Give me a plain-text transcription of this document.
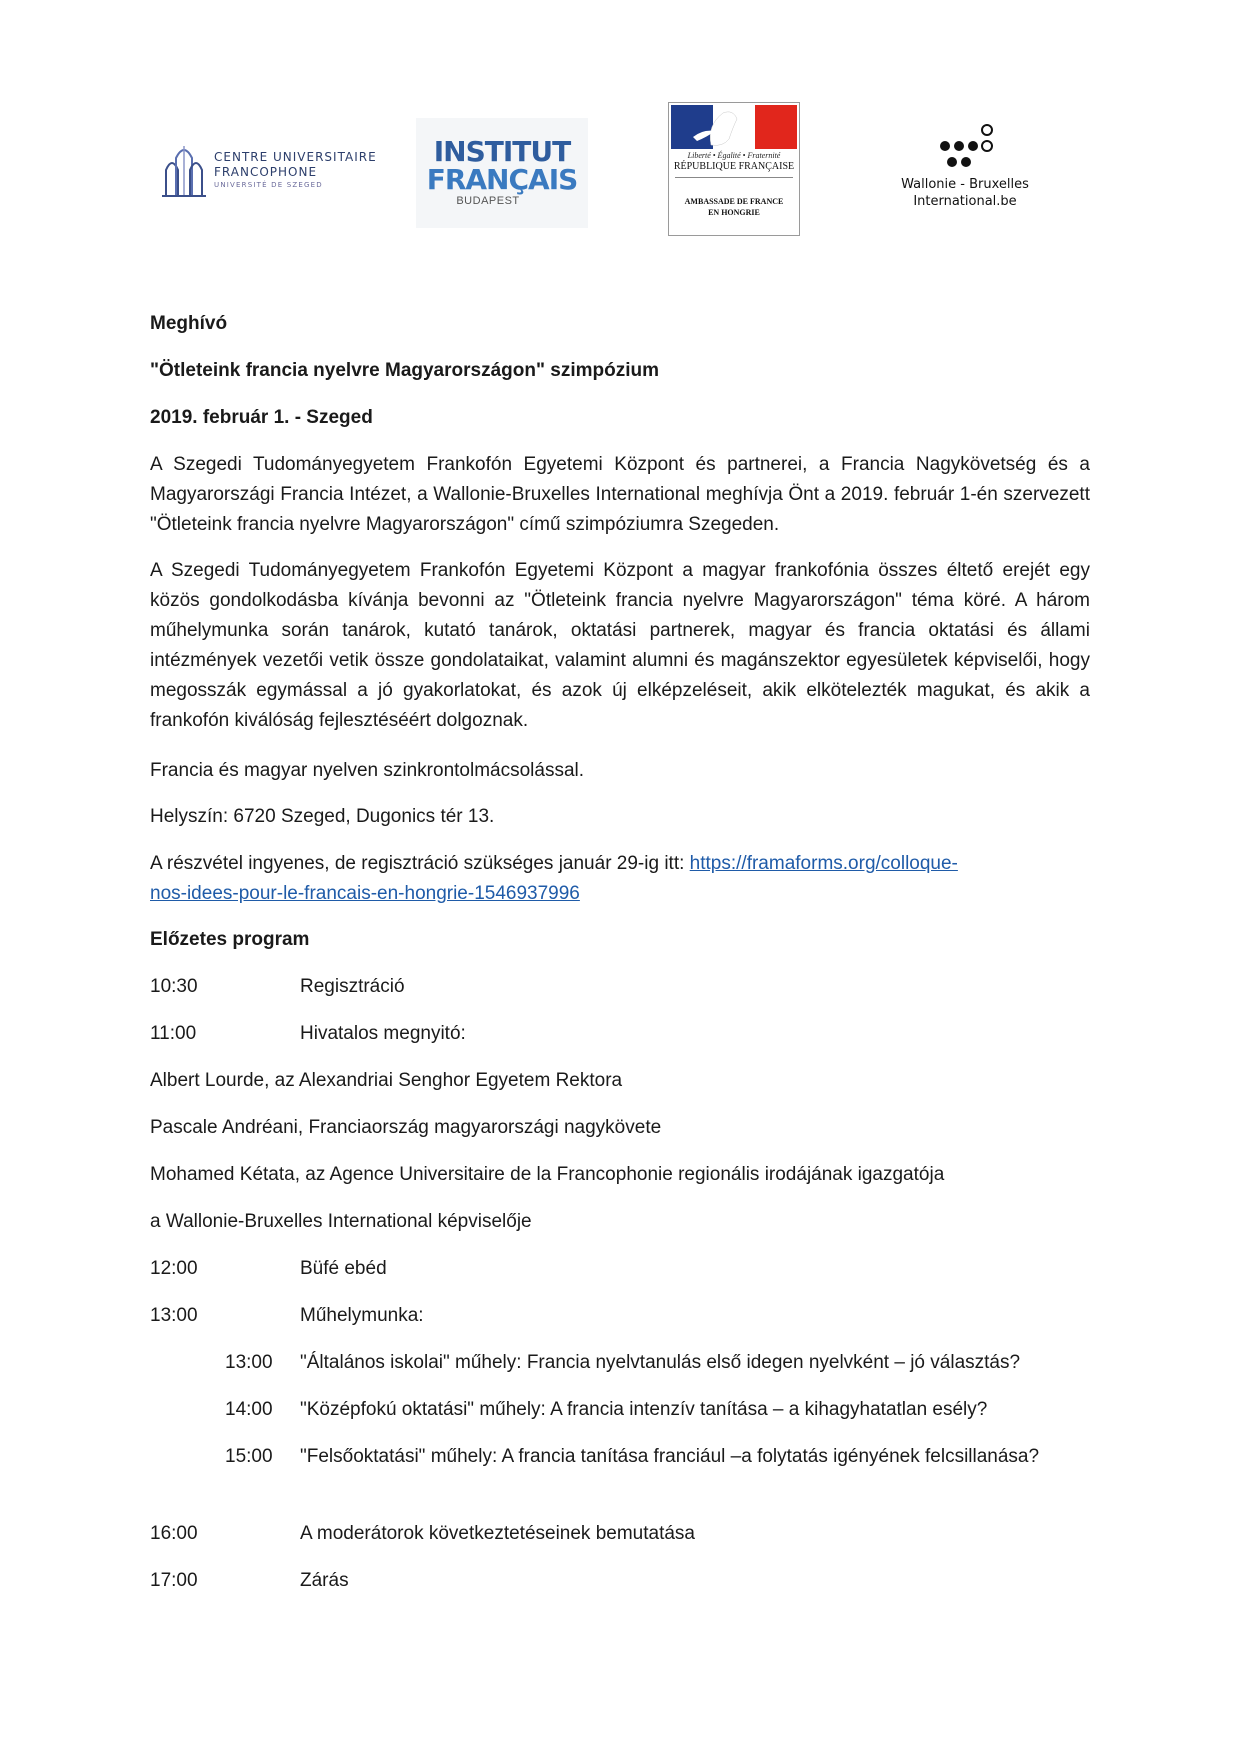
CENTRE UNIVERSITAIRE
FRANCOPHONE
UNIVERSITÉ DE SZEGED
INSTITUT
FRANÇAIS
BUDAPEST
Liberté • Égalité • Fraternité
RÉPUBLIQUE FRANÇAISE
AMBASSADE DE FRANCE
EN HONGRIE
Wallonie - Bruxelles
International.be
Meghívó
"Ötleteink francia nyelvre Magyarországon" szimpózium
2019. február 1. - Szeged
A Szegedi Tudományegyetem Frankofón Egyetemi Központ és partnerei, a Francia Nagykövetség és a Magyarországi Francia Intézet, a Wallonie-Bruxelles International meghívja Önt a 2019. február 1-én szervezett "Ötleteink francia nyelvre Magyarországon" című szimpóziumra Szegeden.
A Szegedi Tudományegyetem Frankofón Egyetemi Központ a magyar frankofónia összes éltető erejét egy közös gondolkodásba kívánja bevonni az "Ötleteink francia nyelvre Magyarországon" téma köré. A három műhelymunka során tanárok, kutató tanárok, oktatási partnerek, magyar és francia oktatási és állami intézmények vezetői vetik össze gondolataikat, valamint alumni és magánszektor egyesületek képviselői, hogy megosszák egymással a jó gyakorlatokat, és azok új elképzeléseit, akik elkötelezték magukat, és akik a frankofón kiválóság fejlesztéséért dolgoznak.
Francia és magyar nyelven szinkrontolmácsolással.
Helyszín: 6720 Szeged, Dugonics tér 13.
A részvétel ingyenes, de regisztráció szükséges január 29-ig itt: https://framaforms.org/colloque-
nos-idees-pour-le-francais-en-hongrie-1546937996
Előzetes program
10:30	Regisztráció
11:00	Hivatalos megnyitó:
Albert Lourde, az Alexandriai Senghor Egyetem Rektora
Pascale Andréani, Franciaország magyarországi nagykövete
Mohamed Kétata, az Agence Universitaire de la Francophonie regionális irodájának igazgatója
a Wallonie-Bruxelles International képviselője
12:00	Büfé ebéd
13:00	Műhelymunka:
13:00 "Általános iskolai" műhely: Francia nyelvtanulás első idegen nyelvként – jó választás?
14:00 "Középfokú oktatási" műhely: A francia intenzív tanítása – a kihagyhatatlan esély?
15:00 "Felsőoktatási" műhely: A francia tanítása franciául –a folytatás igényének felcsillanása?
16:00	A moderátorok következtetéseinek bemutatása
17:00	Zárás
